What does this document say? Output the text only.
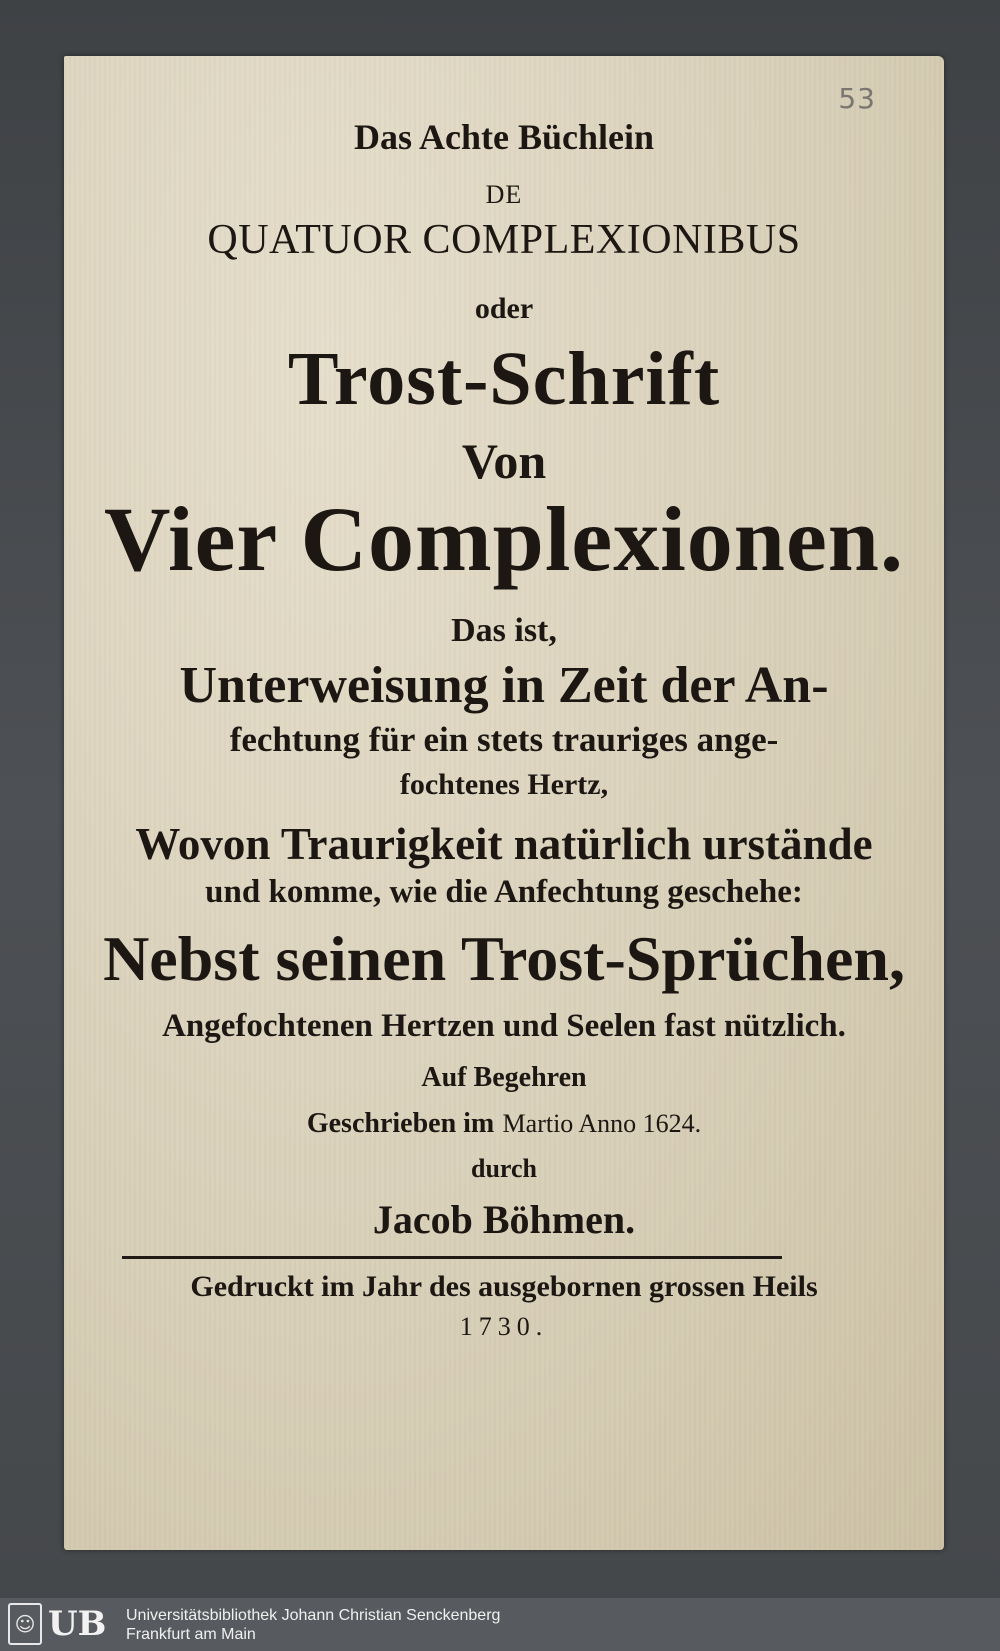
53
Das Achte Büchlein
DE
QUATUOR COMPLEXIONIBUS
oder
Trost-Schrift
Von
Vier Complexionen.
Das ist,
Unterweisung in Zeit der An-
fechtung für ein stets trauriges ange-
fochtenes Hertz,
Wovon Traurigkeit natürlich urstände
und komme, wie die Anfechtung geschehe:
Nebst seinen Trost-Sprüchen,
Angefochtenen Hertzen und Seelen fast nützlich.
Auf Begehren
Geschrieben im Martio Anno 1624.
durch
Jacob Böhmen.
Gedruckt im Jahr des ausgebornen grossen Heils
1730.
☺ UB Universitätsbibliothek Johann Christian Senckenberg
Frankfurt am Main
